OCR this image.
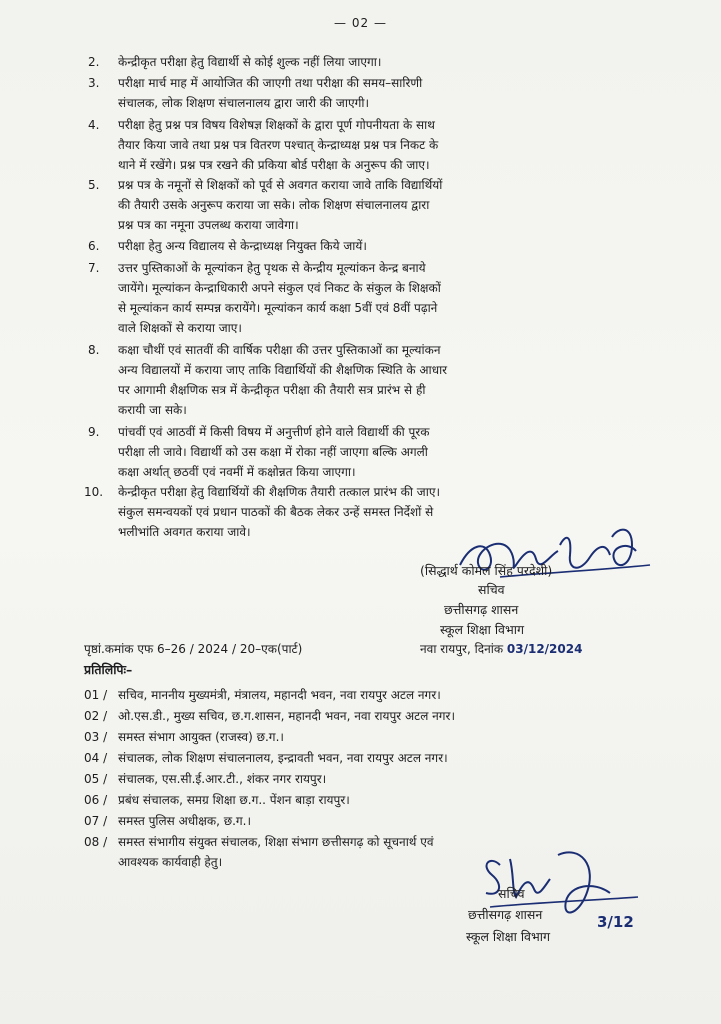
— 02 —
2.	केन्द्रीकृत परीक्षा हेतु विद्यार्थी से कोई शुल्क नहीं लिया जाएगा।
3.	परीक्षा मार्च माह में आयोजित की जाएगी तथा परीक्षा की समय–सारिणी
संचालक, लोक शिक्षण संचालनालय द्वारा जारी की जाएगी।
4.	परीक्षा हेतु प्रश्न पत्र विषय विशेषज्ञ शिक्षकों के द्वारा पूर्ण गोपनीयता के साथ
तैयार किया जावे तथा प्रश्न पत्र वितरण पश्चात् केन्द्राध्यक्ष प्रश्न पत्र निकट के
थाने में रखेंगे। प्रश्न पत्र रखने की प्रकिया बोर्ड परीक्षा के अनुरूप की जाए।
5.	प्रश्न पत्र के नमूनों से शिक्षकों को पूर्व से अवगत कराया जावे ताकि विद्यार्थियों
की तैयारी उसके अनुरूप कराया जा सके। लोक शिक्षण संचालनालय द्वारा
प्रश्न पत्र का नमूना उपलब्ध कराया जावेगा।
6.	परीक्षा हेतु अन्य विद्यालय से केन्द्राध्यक्ष नियुक्त किये जायें।
7.	उत्तर पुस्तिकाओं के मूल्यांकन हेतु पृथक से केन्द्रीय मूल्यांकन केन्द्र बनाये
जायेंगे। मूल्यांकन केन्द्राधिकारी अपने संकुल एवं निकट के संकुल के शिक्षकों
से मूल्यांकन कार्य सम्पन्न करायेंगे। मूल्यांकन कार्य कक्षा 5वीं एवं 8वीं पढ़ाने
वाले शिक्षकों से कराया जाए।
8.	कक्षा चौथीं एवं सातवीं की वार्षिक परीक्षा की उत्तर पुस्तिकाओं का मूल्यांकन
अन्य विद्यालयों में कराया जाए ताकि विद्यार्थियों की शैक्षणिक स्थिति के आधार
पर आगामी शैक्षणिक सत्र में केन्द्रीकृत परीक्षा की तैयारी सत्र प्रारंभ से ही
करायी जा सके।
9.	पांचवीं एवं आठवीं में किसी विषय में अनुत्तीर्ण होने वाले विद्यार्थी की पूरक
परीक्षा ली जावे। विद्यार्थी को उस कक्षा में रोका नहीं जाएगा बल्कि अगली
कक्षा अर्थात् छठवीं एवं नवमीं में कक्षोन्नत किया जाएगा।
10.	केन्द्रीकृत परीक्षा हेतु विद्यार्थियों की शैक्षणिक तैयारी तत्काल प्रारंभ की जाए।
संकुल समन्वयकों एवं प्रधान पाठकों की बैठक लेकर उन्हें समस्त निर्देशों से
भलीभांति अवगत कराया जावे।
(सिद्धार्थ कोमल सिंह परदेशी)
सचिव
छत्तीसगढ़ शासन
स्कूल शिक्षा विभाग
पृष्ठां.कमांक एफ 6–26 / 2024 / 20–एक(पार्ट)	नवा रायपुर, दिनांक 03/12/2024
प्रतिलिपिः–
01 / सचिव, माननीय मुख्यमंत्री, मंत्रालय, महानदी भवन, नवा रायपुर अटल नगर।
02 / ओ.एस.डी., मुख्य सचिव, छ.ग.शासन, महानदी भवन, नवा रायपुर अटल नगर।
03 / समस्त संभाग आयुक्त (राजस्व) छ.ग.।
04 / संचालक, लोक शिक्षण संचालनालय, इन्द्रावती भवन, नवा रायपुर अटल नगर।
05 / संचालक, एस.सी.ई.आर.टी., शंकर नगर रायपुर।
06 / प्रबंध संचालक, समग्र शिक्षा छ.ग.. पेंशन बाड़ा रायपुर।
07 / समस्त पुलिस अधीक्षक, छ.ग.।
08 / समस्त संभागीय संयुक्त संचालक, शिक्षा संभाग छत्तीसगढ़ को सूचनार्थ एवं
आवश्यक कार्यवाही हेतु।
सचिव
छत्तीसगढ़ शासन
स्कूल शिक्षा विभाग
3/12
